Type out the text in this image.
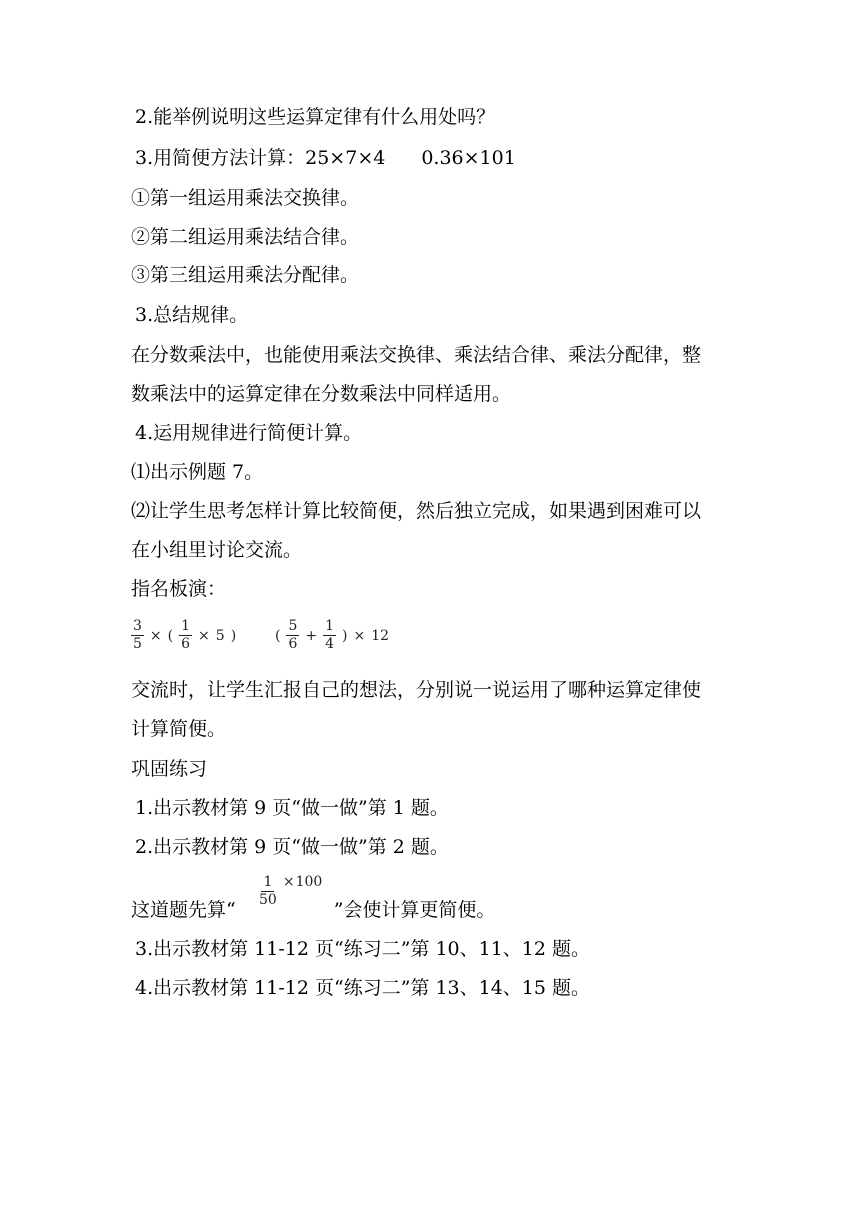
2.能举例说明这些运算定律有什么用处吗？
3.用简便方法计算：25×7×4 0.36×101
①第一组运用乘法交换律。
②第二组运用乘法结合律。
③第三组运用乘法分配律。
3.总结规律。
在分数乘法中，也能使用乘法交换律、乘法结合律、乘法分配律，整
数乘法中的运算定律在分数乘法中同样适用。
4.运用规律进行简便计算。
⑴出示例题 7。
⑵让学生思考怎样计算比较简便，然后独立完成，如果遇到困难可以
在小组里讨论交流。
指名板演：
$\frac{3}{5}$ × ( $\frac{1}{6} \times 5$ )	( $\frac{5}{6} + \frac{1}{4}$ ) × 12
交流时，让学生汇报自己的想法，分别说一说运用了哪种运算定律使
计算简便。
巩固练习
1.出示教材第 9 页“做一做”第 1 题。
2.出示教材第 9 页“做一做”第 2 题。
这道题先算“	”会使计算更简便。
$\frac{1}{50} \times 100$
3.出示教材第 11-12 页“练习二”第 10、11、12 题。
4.出示教材第 11-12 页“练习二”第 13、14、15 题。
